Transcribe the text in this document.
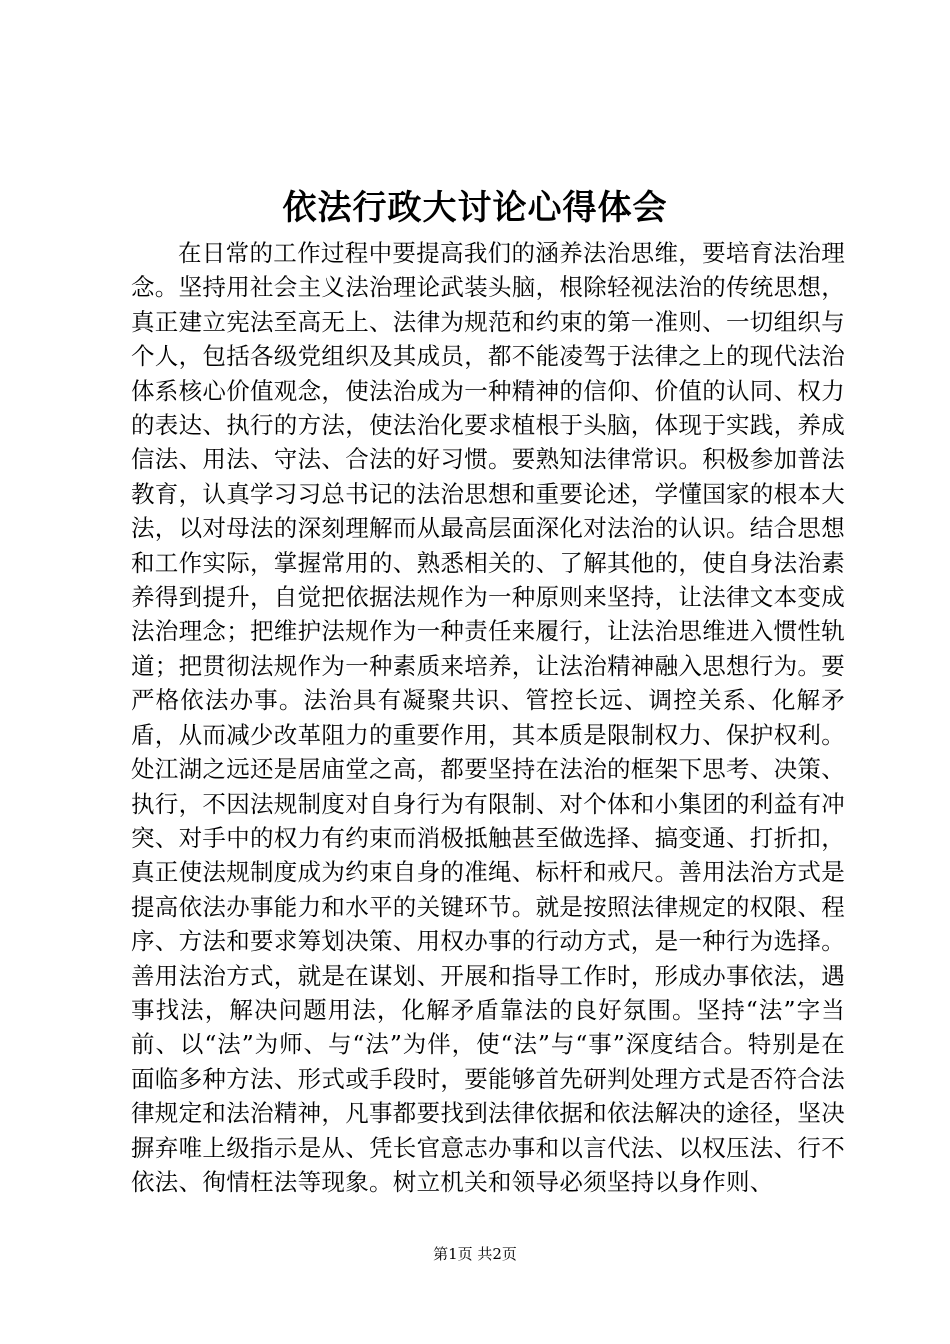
依法行政大讨论心得体会

在日常的工作过程中要提高我们的涵养法治思维，要培育法治理念。坚持用社会主义法治理论武装头脑，根除轻视法治的传统思想，真正建立宪法至高无上、法律为规范和约束的第一准则、一切组织与个人，包括各级党组织及其成员，都不能凌驾于法律之上的现代法治体系核心价值观念，使法治成为一种精神的信仰、价值的认同、权力的表达、执行的方法，使法治化要求植根于头脑，体现于实践，养成信法、用法、守法、合法的好习惯。要熟知法律常识。积极参加普法教育，认真学习习总书记的法治思想和重要论述，学懂国家的根本大法，以对母法的深刻理解而从最高层面深化对法治的认识。结合思想和工作实际，掌握常用的、熟悉相关的、了解其他的，使自身法治素养得到提升，自觉把依据法规作为一种原则来坚持，让法律文本变成法治理念；把维护法规作为一种责任来履行，让法治思维进入惯性轨道；把贯彻法规作为一种素质来培养，让法治精神融入思想行为。要严格依法办事。法治具有凝聚共识、管控长远、调控关系、化解矛盾，从而减少改革阻力的重要作用，其本质是限制权力、保护权利。处江湖之远还是居庙堂之高，都要坚持在法治的框架下思考、决策、执行，不因法规制度对自身行为有限制、对个体和小集团的利益有冲突、对手中的权力有约束而消极抵触甚至做选择、搞变通、打折扣，真正使法规制度成为约束自身的准绳、标杆和戒尺。善用法治方式是提高依法办事能力和水平的关键环节。就是按照法律规定的权限、程序、方法和要求筹划决策、用权办事的行动方式，是一种行为选择。善用法治方式，就是在谋划、开展和指导工作时，形成办事依法，遇事找法，解决问题用法，化解矛盾靠法的良好氛围。坚持“法”字当前、以“法”为师、与“法”为伴，使“法”与“事”深度结合。特别是在面临多种方法、形式或手段时，要能够首先研判处理方式是否符合法律规定和法治精神，凡事都要找到法律依据和依法解决的途径，坚决摒弃唯上级指示是从、凭长官意志办事和以言代法、以权压法、行不依法、徇情枉法等现象。树立机关和领导必须坚持以身作则、

第1页 共2页
